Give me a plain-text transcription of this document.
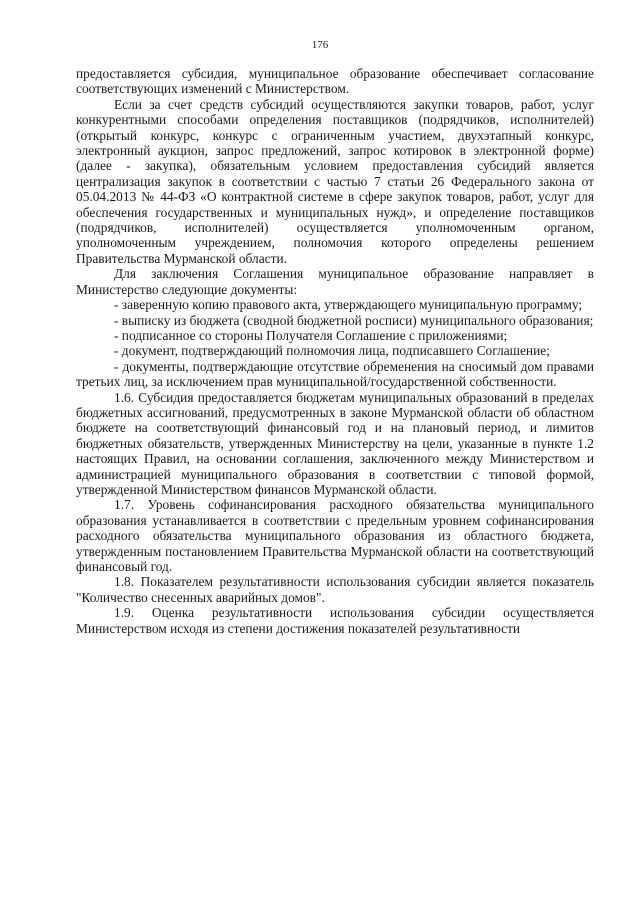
176

предоставляется субсидия, муниципальное образование обеспечивает согласование соответствующих изменений с Министерством.

Если за счет средств субсидий осуществляются закупки товаров, работ, услуг конкурентными способами определения поставщиков (подрядчиков, исполнителей) (открытый конкурс, конкурс с ограниченным участием, двухэтапный конкурс, электронный аукцион, запрос предложений, запрос котировок в электронной форме) (далее - закупка), обязательным условием предоставления субсидий является централизация закупок в соответствии с частью 7 статьи 26 Федерального закона от 05.04.2013 № 44-ФЗ «О контрактной системе в сфере закупок товаров, работ, услуг для обеспечения государственных и муниципальных нужд», и определение поставщиков (подрядчиков, исполнителей) осуществляется уполномоченным органом, уполномоченным учреждением, полномочия которого определены решением Правительства Мурманской области.

Для заключения Соглашения муниципальное образование направляет в Министерство следующие документы:

- заверенную копию правового акта, утверждающего муниципальную программу;

- выписку из бюджета (сводной бюджетной росписи) муниципального образования;

- подписанное со стороны Получателя Соглашение с приложениями;

- документ, подтверждающий полномочия лица, подписавшего Соглашение;

- документы, подтверждающие отсутствие обременения на сносимый дом правами третьих лиц, за исключением прав муниципальной/государственной собственности.

1.6. Субсидия предоставляется бюджетам муниципальных образований в пределах бюджетных ассигнований, предусмотренных в законе Мурманской области об областном бюджете на соответствующий финансовый год и на плановый период, и лимитов бюджетных обязательств, утвержденных Министерству на цели, указанные в пункте 1.2 настоящих Правил, на основании соглашения, заключенного между Министерством и администрацией муниципального образования в соответствии с типовой формой, утвержденной Министерством финансов Мурманской области.

1.7. Уровень софинансирования расходного обязательства муниципального образования устанавливается в соответствии с предельным уровнем софинансирования расходного обязательства муниципального образования из областного бюджета, утвержденным постановлением Правительства Мурманской области на соответствующий финансовый год.

1.8. Показателем результативности использования субсидии является показатель "Количество снесенных аварийных домов".

1.9. Оценка результативности использования субсидии осуществляется Министерством исходя из степени достижения показателей результативности
